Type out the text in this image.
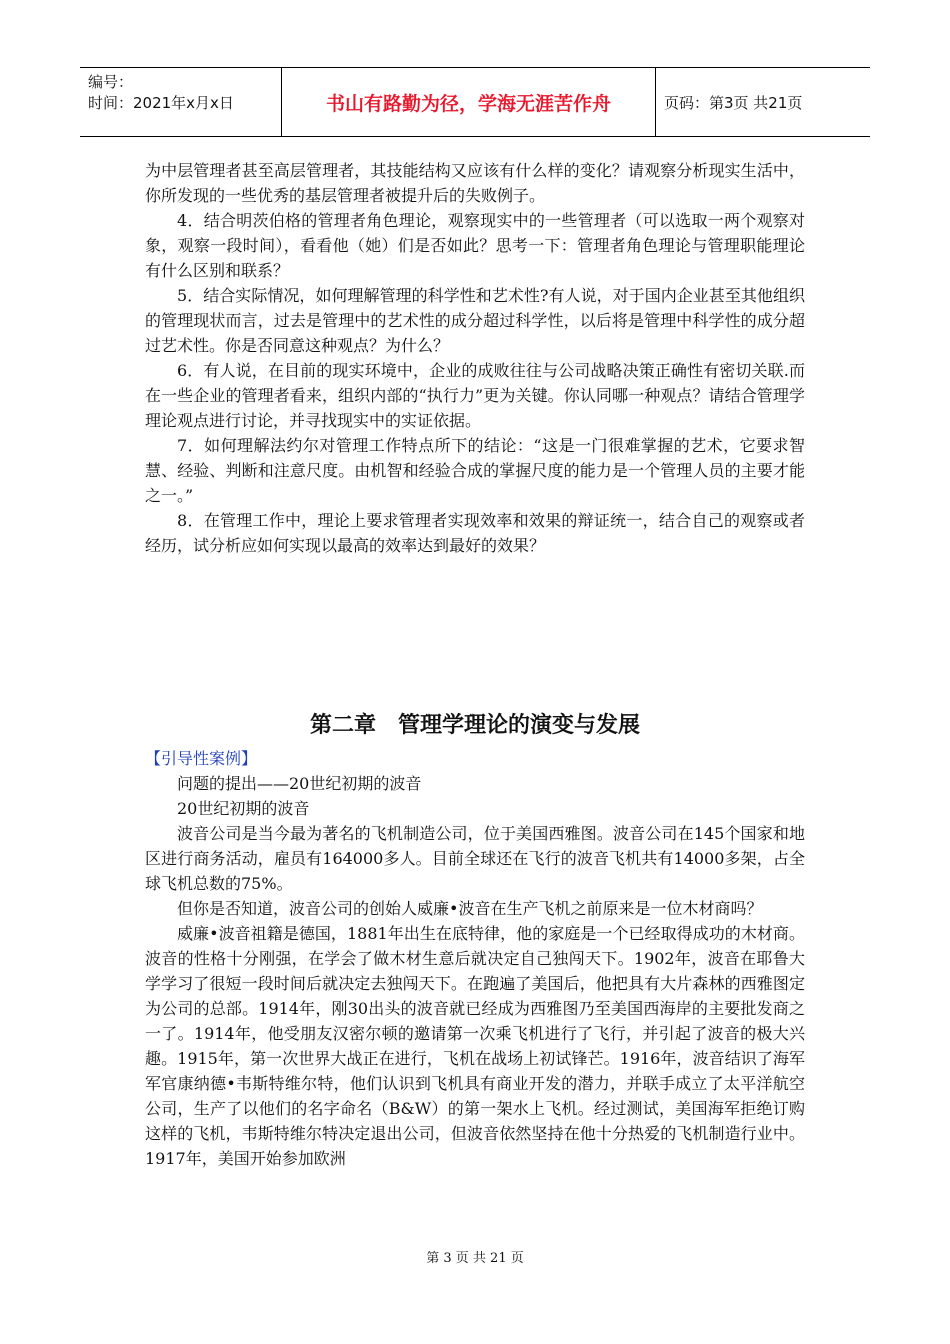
编号：
时间：2021年x月x日	书山有路勤为径，学海无涯苦作舟	页码：第3页 共21页

为中层管理者甚至高层管理者，其技能结构又应该有什么样的变化？请观察分析现实生活中，你所发现的一些优秀的基层管理者被提升后的失败例子。

4．结合明茨伯格的管理者角色理论，观察现实中的一些管理者（可以选取一两个观察对象，观察一段时间），看看他（她）们是否如此？思考一下：管理者角色理论与管理职能理论有什么区别和联系？

5．结合实际情况，如何理解管理的科学性和艺术性?有人说，对于国内企业甚至其他组织的管理现状而言，过去是管理中的艺术性的成分超过科学性，以后将是管理中科学性的成分超过艺术性。你是否同意这种观点？为什么？

6．有人说，在目前的现实环境中，企业的成败往往与公司战略决策正确性有密切关联.而在一些企业的管理者看来，组织内部的“执行力”更为关键。你认同哪一种观点？请结合管理学理论观点进行讨论，并寻找现实中的实证依据。

7．如何理解法约尔对管理工作特点所下的结论：“这是一门很难掌握的艺术，它要求智慧、经验、判断和注意尺度。由机智和经验合成的掌握尺度的能力是一个管理人员的主要才能之一。”

8．在管理工作中，理论上要求管理者实现效率和效果的辩证统一，结合自己的观察或者经历，试分析应如何实现以最高的效率达到最好的效果？

第二章　管理学理论的演变与发展
【引导性案例】

问题的提出——20世纪初期的波音

20世纪初期的波音

波音公司是当今最为著名的飞机制造公司，位于美国西雅图。波音公司在145个国家和地区进行商务活动，雇员有164000多人。目前全球还在飞行的波音飞机共有14000多架，占全球飞机总数的75%。

但你是否知道，波音公司的创始人威廉•波音在生产飞机之前原来是一位木材商吗？

威廉•波音祖籍是德国，1881年出生在底特律，他的家庭是一个已经取得成功的木材商。波音的性格十分刚强，在学会了做木材生意后就决定自己独闯天下。1902年，波音在耶鲁大学学习了很短一段时间后就决定去独闯天下。在跑遍了美国后，他把具有大片森林的西雅图定为公司的总部。1914年，刚30出头的波音就已经成为西雅图乃至美国西海岸的主要批发商之一了。1914年，他受朋友汉密尔顿的邀请第一次乘飞机进行了飞行，并引起了波音的极大兴趣。1915年，第一次世界大战正在进行，飞机在战场上初试锋芒。1916年，波音结识了海军军官康纳德•韦斯特维尔特，他们认识到飞机具有商业开发的潜力，并联手成立了太平洋航空公司，生产了以他们的名字命名（B&W）的第一架水上飞机。经过测试，美国海军拒绝订购这样的飞机，韦斯特维尔特决定退出公司，但波音依然坚持在他十分热爱的飞机制造行业中。1917年，美国开始参加欧洲

第 3 页 共 21 页
